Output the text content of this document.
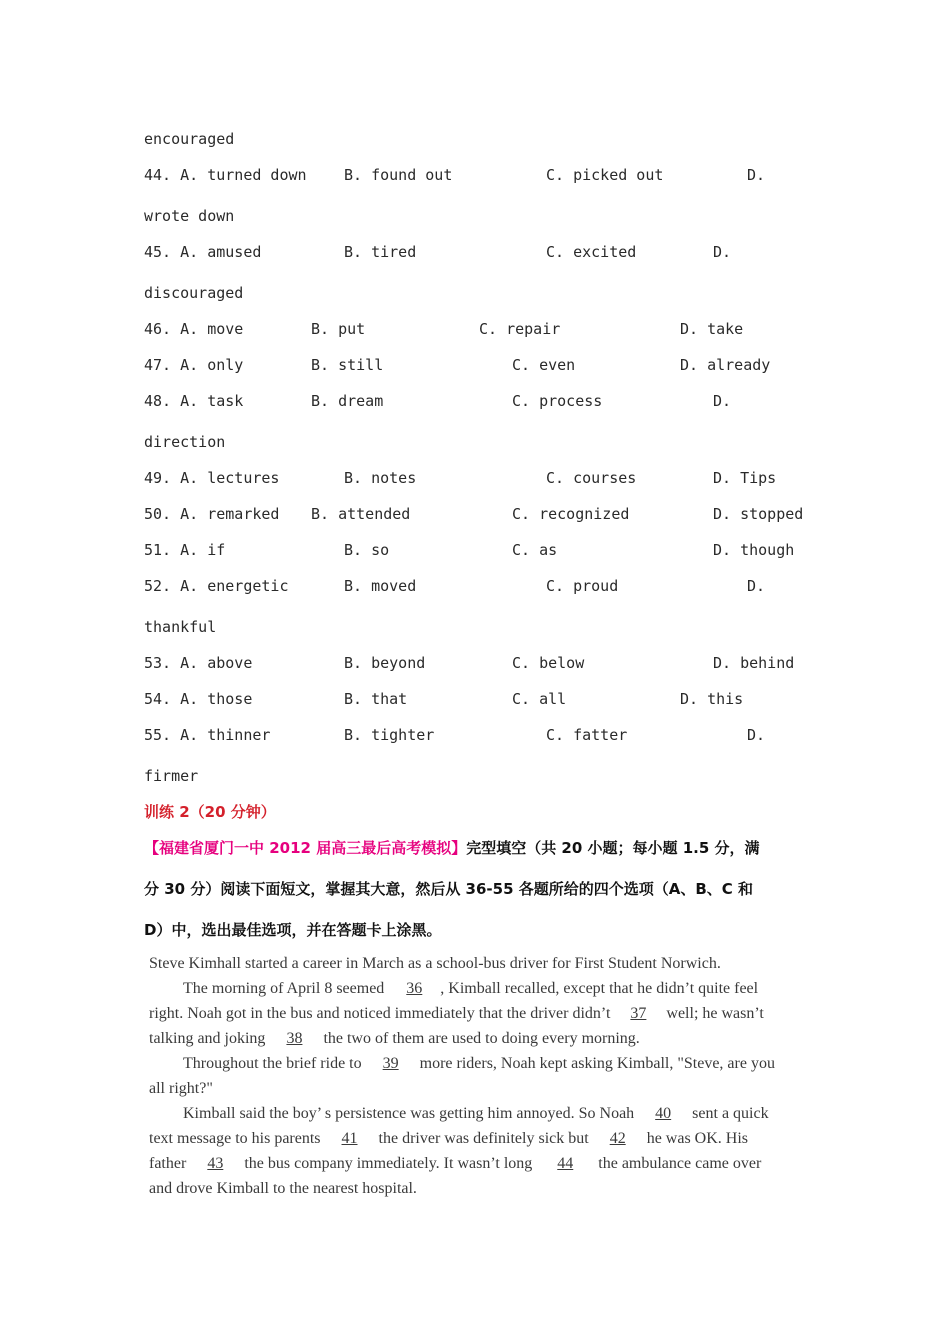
encouraged
44. A. turned down B. found out	C. picked out	D.
wrote down
45. A. amused	B. tired	C. excited	D.
discouraged
46. A. move	B. put	C. repair	D. take
47. A. only	B. still	C. even	D. already
48. A. task	B. dream	C. process	D.
direction
49. A. lectures	B. notes	C. courses	D. Tips
50. A. remarked B. attended	C. recognized	D. stopped
51. A. if	B. so	C. as	D. though
52. A. energetic	B. moved	C. proud	D.
thankful
53. A. above	B. beyond	C. below	D. behind
54. A. those	B. that	C. all	D. this
55. A. thinner	B. tighter	C. fatter	D.
firmer
训练 2（20 分钟）
【福建省厦门一中 2012 届高三最后高考模拟】完型填空（共 20 小题；每小题 1.5 分，满
分 30 分）阅读下面短文，掌握其大意，然后从 36-55 各题所给的四个选项（A、B、C 和
D）中，选出最佳选项，并在答题卡上涂黑。
Steve Kimhall started a career in March as a school-bus driver for First Student Norwich.
The morning of April 8 seemed 36 , Kimball recalled, except that he didn’t quite feel
right. Noah got in the bus and noticed immediately that the driver didn’t 37 well; he wasn’t
talking and joking 38 the two of them are used to doing every morning.
Throughout the brief ride to 39 more riders, Noah kept asking Kimball, "Steve, are you
all right?"
Kimball said the boy’ s persistence was getting him annoyed. So Noah 40 sent a quick
text message to his parents 41 the driver was definitely sick but 42 he was OK. His
father 43 the bus company immediately. It wasn’t long 44 the ambulance came over
and drove Kimball to the nearest hospital.
